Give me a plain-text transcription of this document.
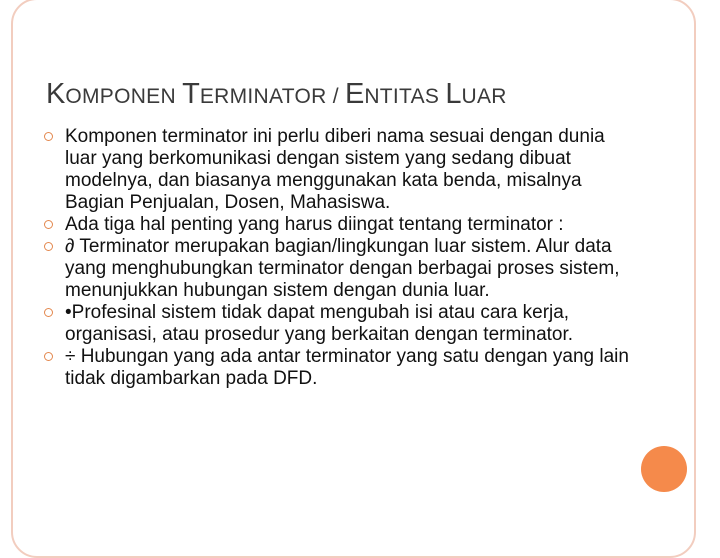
KOMPONEN TERMINATOR / ENTITAS LUAR
Komponen terminator ini perlu diberi nama sesuai dengan dunia luar yang berkomunikasi dengan sistem yang sedang dibuat modelnya, dan biasanya menggunakan kata benda, misalnya Bagian Penjualan, Dosen, Mahasiswa.
Ada tiga hal penting yang harus diingat tentang terminator :
∂ Terminator merupakan bagian/lingkungan luar sistem. Alur data yang menghubungkan terminator dengan berbagai proses sistem, menunjukkan hubungan sistem dengan dunia luar.
•Profesinal sistem tidak dapat mengubah isi atau cara kerja, organisasi, atau prosedur yang berkaitan dengan terminator.
÷ Hubungan yang ada antar terminator yang satu dengan yang lain tidak digambarkan pada DFD.
